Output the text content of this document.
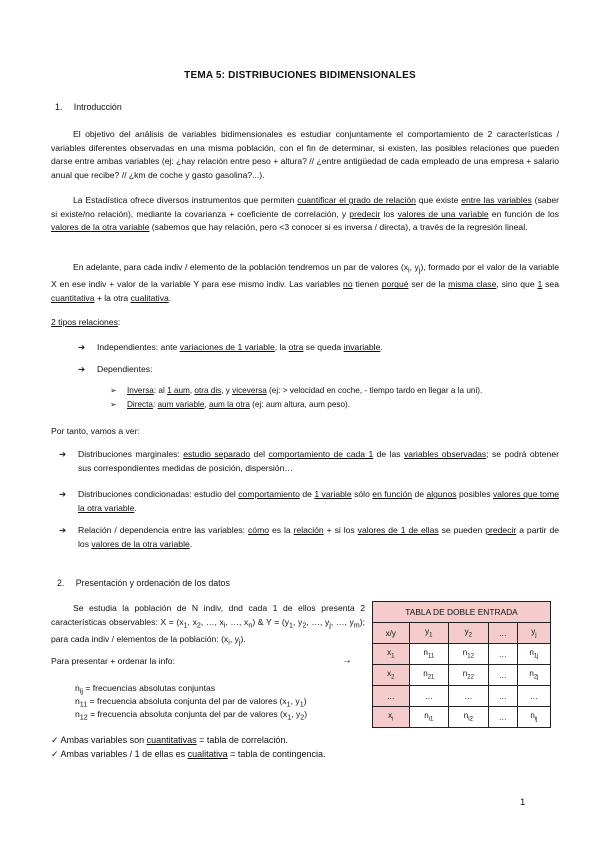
TEMA 5: DISTRIBUCIONES BIDIMENSIONALES
1. Introducción

El objetivo del análisis de variables bidimensionales es estudiar conjuntamente el comportamiento de 2 características / variables diferentes observadas en una misma población, con el fin de determinar, si existen, las posibles relaciones que pueden darse entre ambas variables (ej: ¿hay relación entre peso + altura? // ¿entre antigüedad de cada empleado de una empresa + salario anual que recibe? // ¿km de coche y gasto gasolina?...).

La Estadística ofrece diversos instrumentos que permiten cuantificar el grado de relación que existe entre las variables (saber si existe/no relación), mediante la covarianza + coeficiente de correlación, y predecir los valores de una variable en función de los valores de la otra variable (sabemos que hay relación, pero <3 conocer si es inversa / directa), a través de la regresión lineal.

En adelante, para cada indiv / elemento de la población tendremos un par de valores ($x_i$, $y_j$), formado por el valor de la variable X en ese indiv + valor de la variable Y para ese mismo indiv. Las variables no tienen porqué ser de la misma clase, sino que 1 sea cuantitativa + la otra cualitativa.

2 tipos relaciones:
➔ Independientes: ante variaciones de 1 variable, la otra se queda invariable.
➔ Dependientes:
➢ Inversa: al 1 aum, otra dis, y viceversa (ej: > velocidad en coche, - tiempo tardo en llegar a la uni).
➢ Directa: aum variable, aum la otra (ej: aum altura, aum peso).
Por tanto, vamos a ver:
➔ Distribuciones marginales: estudio separado del comportamiento de cada 1 de las variables observadas; se podrá obtener sus correspondientes medidas de posición, dispersión…
➔ Distribuciones condicionadas: estudio del comportamiento de 1 variable sólo en función de algunos posibles valores que tome la otra variable.
➔ Relación / dependencia entre las variables: cómo es la relación + si los valores de 1 de ellas se pueden predecir a partir de los valores de la otra variable.
2. Presentación y ordenación de los datos

Se estudia la población de N indiv, dnd cada 1 de ellos presenta 2 características observables: $X = (x_1$, $x_2$, …, $x_i$, …, $x_n$) & $Y = (y_1$, $y_2$, …, $y_j$, …, $y_m$); para cada indiv / elementos de la población: ($x_i$, $y_j$).

Para presentar + ordenar la info:	→
$n_{ij}$ = frecuencias absolutas conjuntas
$n_{11}$ = frecuencia absoluta conjunta del par de valores ($x_1$, $y_1$)
$n_{12}$ = frecuencia absoluta conjunta del par de valores ($x_1$, $y_2$)
✓ Ambas variables son cuantitativas = tabla de correlación.
✓ Ambas variables / 1 de ellas es cualitativa = tabla de contingencia.
TABLA DE DOBLE ENTRADA				
x/y	$y_1$	$y_2$	…	$y_j$
$x_1$	$n_{11}$	$n_{12}$	…	$n_{1j}$
$x_2$	$n_{21}$	$n_{22}$	…	$n_{2j}$
…	…	…	…	…
$x_i$	$n_{i1}$	$n_{i2}$	…	$n_{ij}$
1
